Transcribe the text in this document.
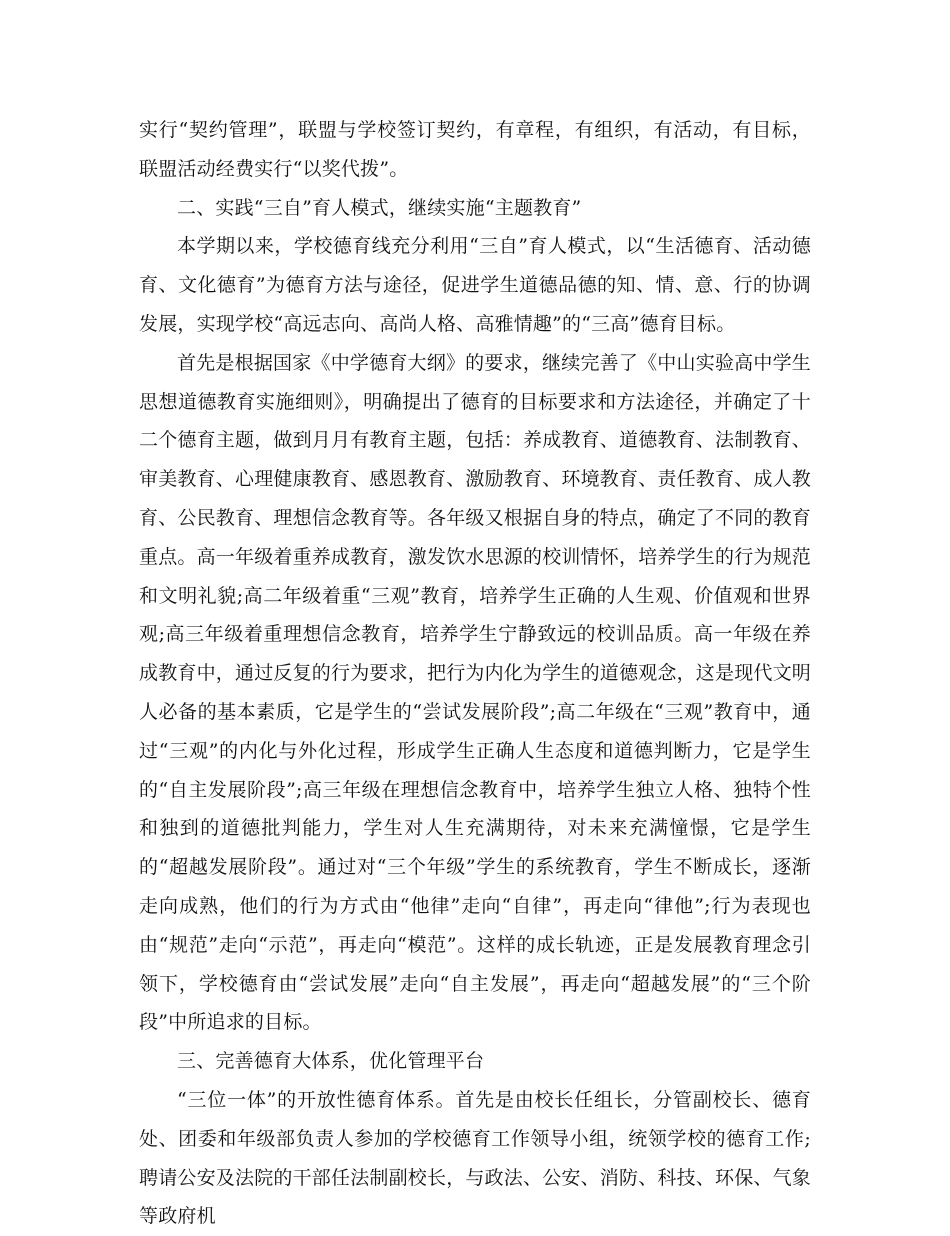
实行“契约管理”，联盟与学校签订契约，有章程，有组织，有活动，有目标，联盟活动经费实行“以奖代拨”。

二、实践“三自”育人模式，继续实施“主题教育”

本学期以来，学校德育线充分利用“三自”育人模式，以“生活德育、活动德育、文化德育”为德育方法与途径，促进学生道德品德的知、情、意、行的协调发展，实现学校“高远志向、高尚人格、高雅情趣”的“三高”德育目标。

首先是根据国家《中学德育大纲》的要求，继续完善了《中山实验高中学生思想道德教育实施细则》，明确提出了德育的目标要求和方法途径，并确定了十二个德育主题，做到月月有教育主题，包括：养成教育、道德教育、法制教育、审美教育、心理健康教育、感恩教育、激励教育、环境教育、责任教育、成人教育、公民教育、理想信念教育等。各年级又根据自身的特点，确定了不同的教育重点。高一年级着重养成教育，激发饮水思源的校训情怀，培养学生的行为规范和文明礼貌;高二年级着重“三观”教育，培养学生正确的人生观、价值观和世界观;高三年级着重理想信念教育，培养学生宁静致远的校训品质。高一年级在养成教育中，通过反复的行为要求，把行为内化为学生的道德观念，这是现代文明人必备的基本素质，它是学生的“尝试发展阶段”;高二年级在“三观”教育中，通过“三观”的内化与外化过程，形成学生正确人生态度和道德判断力，它是学生的“自主发展阶段”;高三年级在理想信念教育中，培养学生独立人格、独特个性和独到的道德批判能力，学生对人生充满期待，对未来充满憧憬，它是学生的“超越发展阶段”。通过对“三个年级”学生的系统教育，学生不断成长，逐渐走向成熟，他们的行为方式由“他律”走向“自律”，再走向“律他”;行为表现也由“规范”走向“示范”，再走向“模范”。这样的成长轨迹，正是发展教育理念引领下，学校德育由“尝试发展”走向“自主发展”，再走向“超越发展”的“三个阶段”中所追求的目标。

三、完善德育大体系，优化管理平台

“三位一体”的开放性德育体系。首先是由校长任组长，分管副校长、德育处、团委和年级部负责人参加的学校德育工作领导小组，统领学校的德育工作;聘请公安及法院的干部任法制副校长，与政法、公安、消防、科技、环保、气象等政府机
